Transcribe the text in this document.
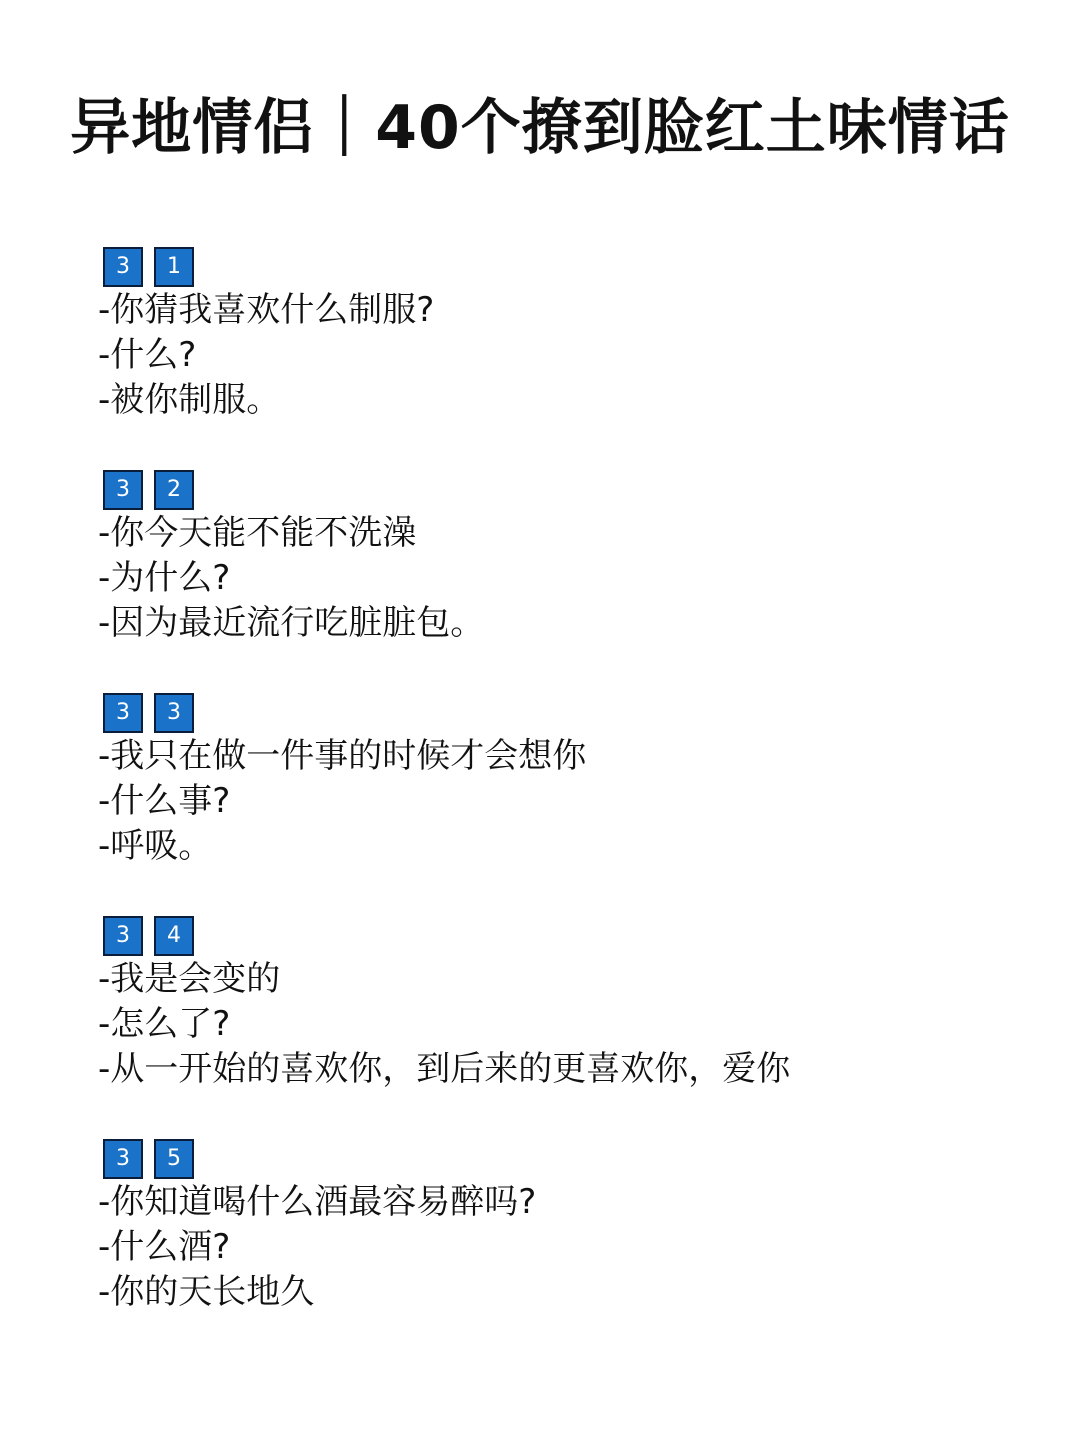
异地情侣｜40个撩到脸红土味情话
3	1
-你猜我喜欢什么制服?
-什么?
-被你制服。
3	2
-你今天能不能不洗澡
-为什么?
-因为最近流行吃脏脏包。
3	3
-我只在做一件事的时候才会想你
-什么事?
-呼吸。
3	4
-我是会变的
-怎么了?
-从一开始的喜欢你，到后来的更喜欢你，爱你
3	5
-你知道喝什么酒最容易醉吗?
-什么酒?
-你的天长地久
